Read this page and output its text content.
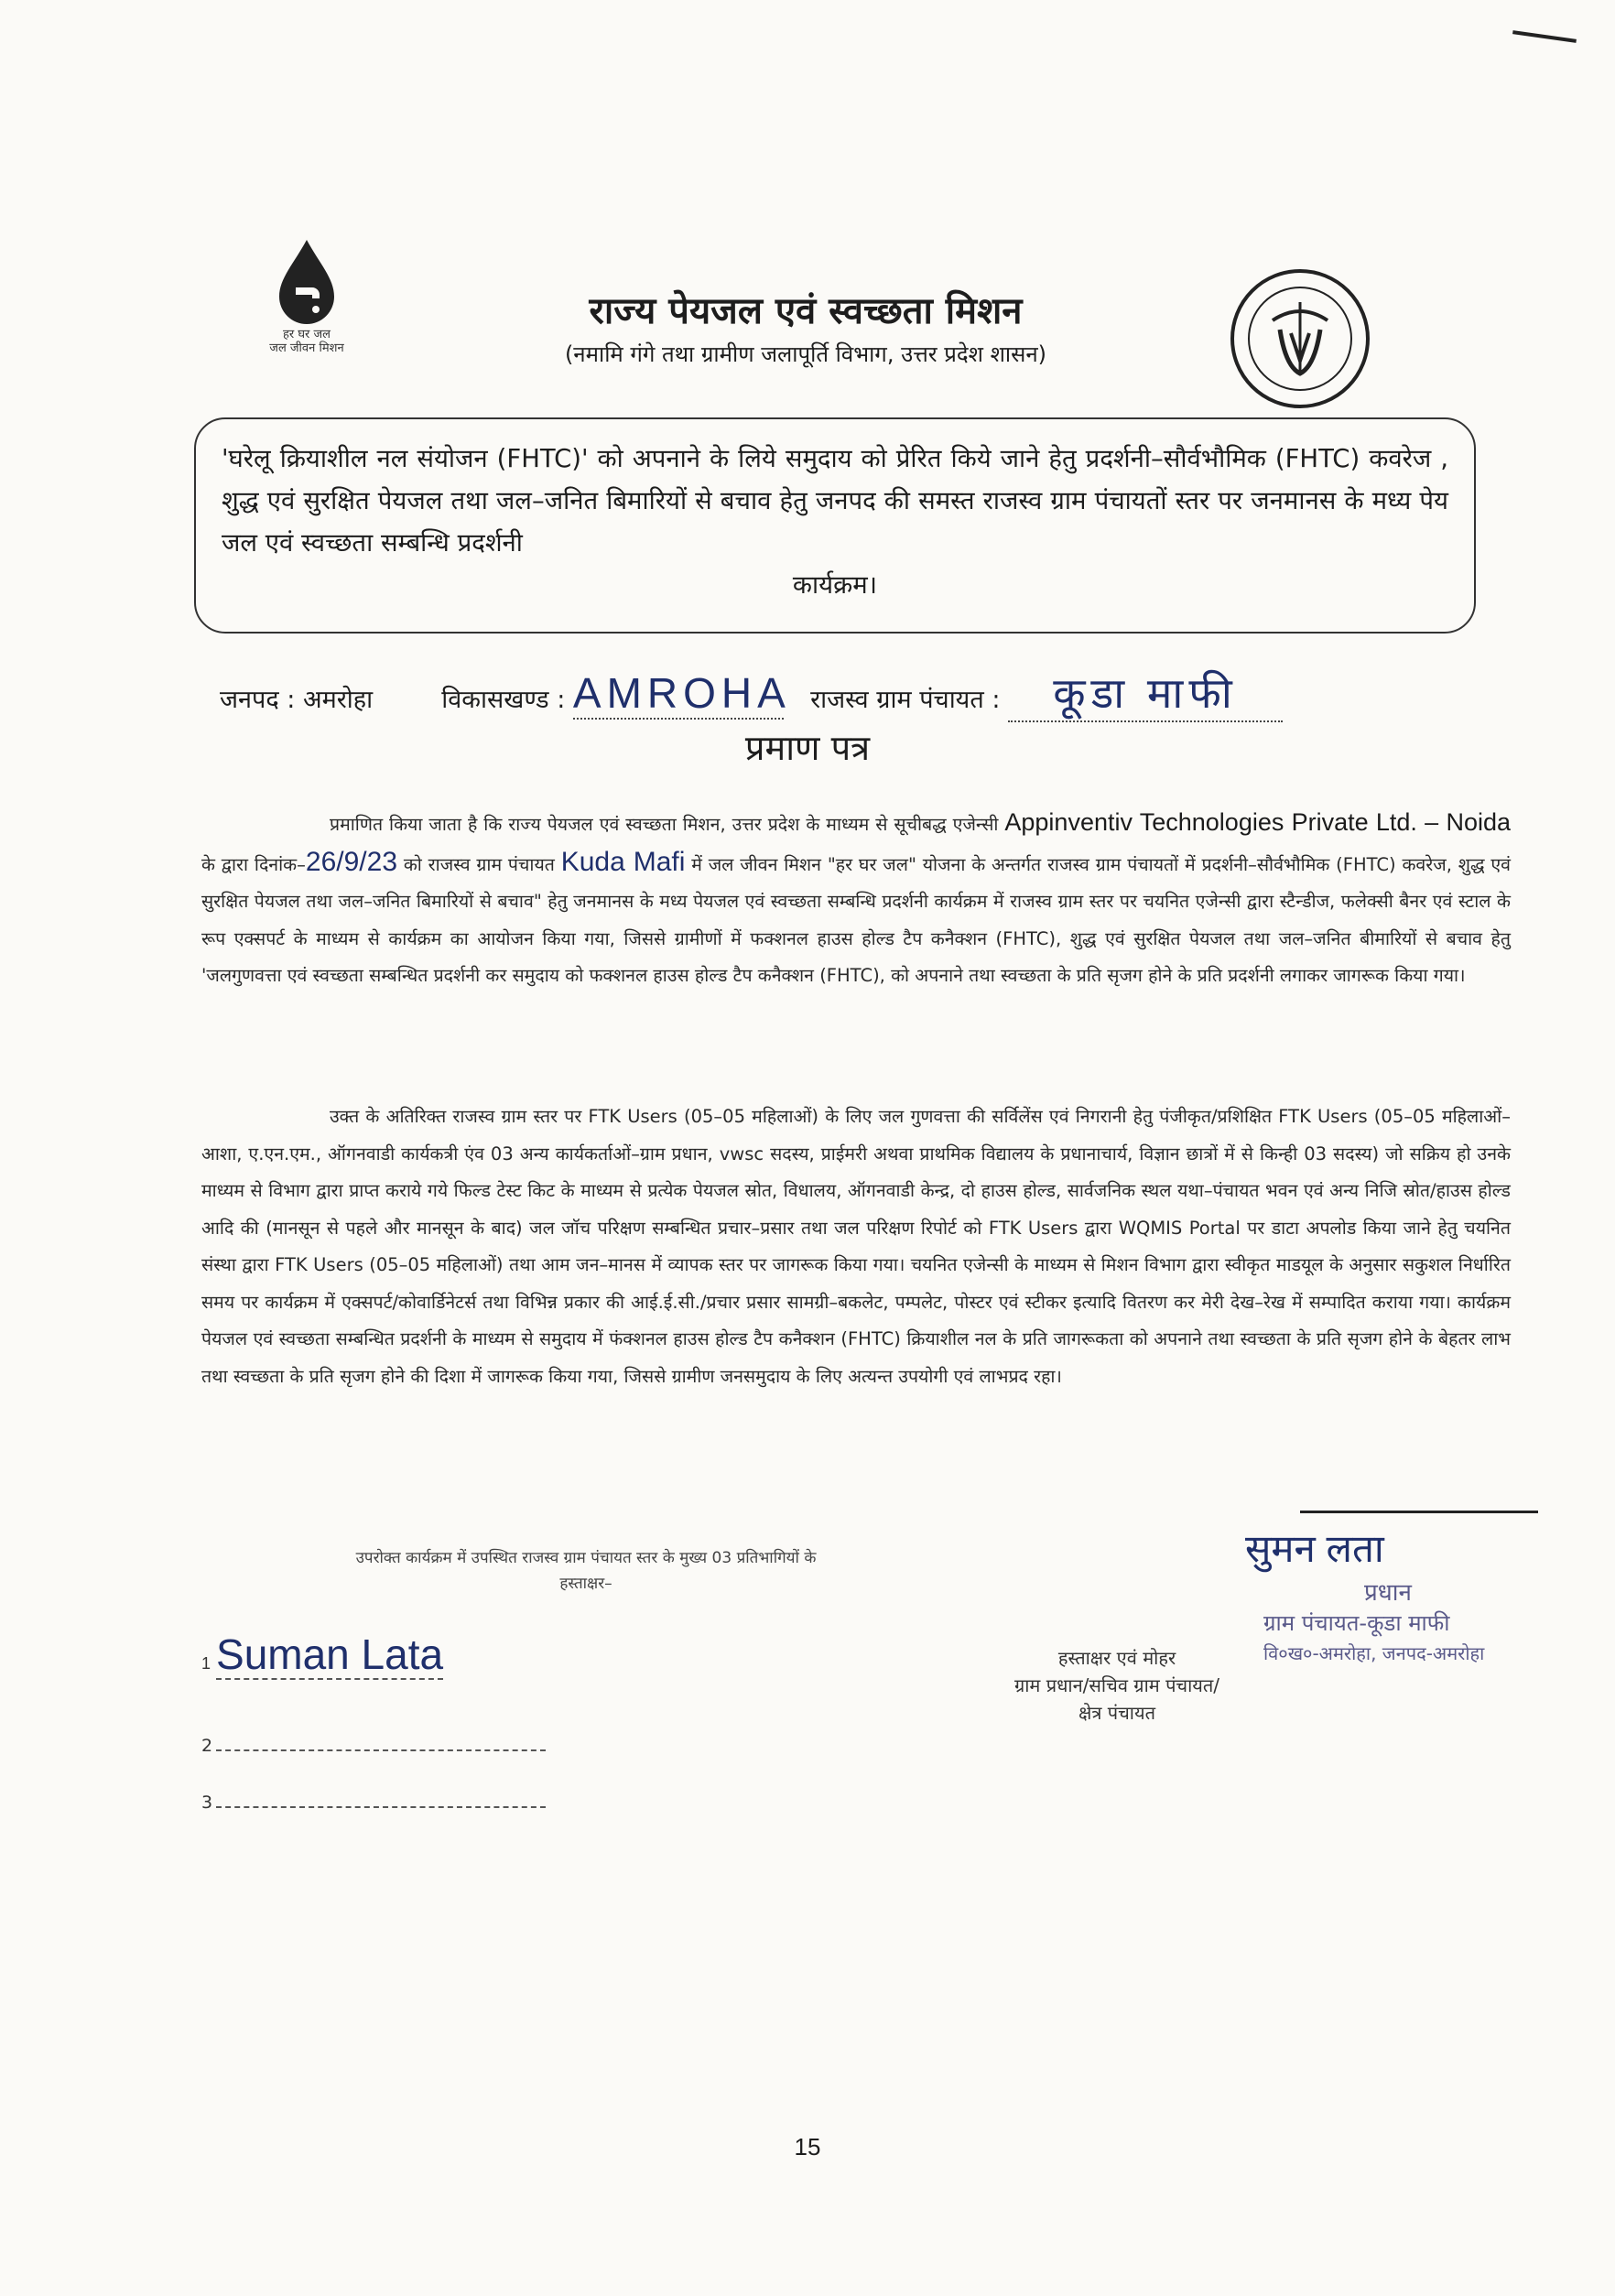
हर घर जल
जल जीवन मिशन
राज्य पेयजल एवं स्वच्छता मिशन
(नमामि गंगे तथा ग्रामीण जलापूर्ति विभाग, उत्तर प्रदेश शासन)
'घरेलू क्रियाशील नल संयोजन (FHTC)' को अपनाने के लिये समुदाय को प्रेरित किये जाने हेतु प्रदर्शनी–सौर्वभौमिक (FHTC) कवरेज , शुद्ध एवं सुरक्षित पेयजल तथा जल–जनित बिमारियों से बचाव हेतु जनपद की समस्त राजस्व ग्राम पंचायतों स्तर पर जनमानस के मध्य पेय जल एवं स्वच्छता सम्बन्धि प्रदर्शनी
कार्यक्रम।
जनपद : अमरोहा	विकासखण्ड : AMROHA राजस्व ग्राम पंचायत : कूडा माफी
प्रमाण पत्र
प्रमाणित किया जाता है कि राज्य पेयजल एवं स्वच्छता मिशन, उत्तर प्रदेश के माध्यम से सूचीबद्ध एजेन्सी Appinventiv Technologies Private Ltd. – Noida के द्वारा दिनांक–26/9/23 को राजस्व ग्राम पंचायत Kuda Mafi में जल जीवन मिशन "हर घर जल" योजना के अन्तर्गत राजस्व ग्राम पंचायतों में प्रदर्शनी–सौर्वभौमिक (FHTC) कवरेज, शुद्ध एवं सुरक्षित पेयजल तथा जल–जनित बिमारियों से बचाव" हेतु जनमानस के मध्य पेयजल एवं स्वच्छता सम्बन्धि प्रदर्शनी कार्यक्रम में राजस्व ग्राम स्तर पर चयनित एजेन्सी द्वारा स्टैन्डीज, फलेक्सी बैनर एवं स्टाल के रूप एक्सपर्ट के माध्यम से कार्यक्रम का आयोजन किया गया, जिससे ग्रामीणों में फक्शनल हाउस होल्ड टैप कनैक्शन (FHTC), शुद्ध एवं सुरक्षित पेयजल तथा जल–जनित बीमारियों से बचाव हेतु 'जलगुणवत्ता एवं स्वच्छता सम्बन्धित प्रदर्शनी कर समुदाय को फक्शनल हाउस होल्ड टैप कनैक्शन (FHTC), को अपनाने तथा स्वच्छता के प्रति सृजग होने के प्रति प्रदर्शनी लगाकर जागरूक किया गया।
उक्त के अतिरिक्त राजस्व ग्राम स्तर पर FTK Users (05–05 महिलाओं) के लिए जल गुणवत्ता की सर्विलेंस एवं निगरानी हेतु पंजीकृत/प्रशिक्षित FTK Users (05–05 महिलाओं–आशा, ए.एन.एम., ऑगनवाडी कार्यकत्री एंव 03 अन्य कार्यकर्ताओं–ग्राम प्रधान, vwsc सदस्य, प्राईमरी अथवा प्राथमिक विद्यालय के प्रधानाचार्य, विज्ञान छात्रों में से किन्ही 03 सदस्य) जो सक्रिय हो उनके माध्यम से विभाग द्वारा प्राप्त कराये गये फिल्ड टेस्ट किट के माध्यम से प्रत्येक पेयजल स्रोत, विधालय, ऑगनवाडी केन्द्र, दो हाउस होल्ड, सार्वजनिक स्थल यथा–पंचायत भवन एवं अन्य निजि स्रोत/हाउस होल्ड आदि की (मानसून से पहले और मानसून के बाद) जल जॉच परिक्षण सम्बन्धित प्रचार–प्रसार तथा जल परिक्षण रिपोर्ट को FTK Users द्वारा WQMIS Portal पर डाटा अपलोड किया जाने हेतु चयनित संस्था द्वारा FTK Users (05–05 महिलाओं) तथा आम जन–मानस में व्यापक स्तर पर जागरूक किया गया। चयनित एजेन्सी के माध्यम से मिशन विभाग द्वारा स्वीकृत माडयूल के अनुसार सकुशल निर्धारित समय पर कार्यक्रम में एक्सपर्ट/कोवार्डिनेटर्स तथा विभिन्न प्रकार की आई.ई.सी./प्रचार प्रसार सामग्री–बकलेट, पम्पलेट, पोस्टर एवं स्टीकर इत्यादि वितरण कर मेरी देख–रेख में सम्पादित कराया गया। कार्यक्रम पेयजल एवं स्वच्छता सम्बन्धित प्रदर्शनी के माध्यम से समुदाय में फंक्शनल हाउस होल्ड टैप कनैक्शन (FHTC) क्रियाशील नल के प्रति जागरूकता को अपनाने तथा स्वच्छता के प्रति सृजग होने के बेहतर लाभ तथा स्वच्छता के प्रति सृजग होने की दिशा में जागरूक किया गया, जिससे ग्रामीण जनसमुदाय के लिए अत्यन्त उपयोगी एवं लाभप्रद रहा।
उपरोक्त कार्यक्रम में उपस्थित राजस्व ग्राम पंचायत स्तर के मुख्य 03 प्रतिभागियों के
हस्ताक्षर–
1 Suman Lata
2
3
हस्ताक्षर एवं मोहर
ग्राम प्रधान/सचिव ग्राम पंचायत/
क्षेत्र पंचायत
सुमन लता
प्रधान
ग्राम पंचायत-कूडा माफी
वि०ख०-अमरोहा, जनपद-अमरोहा
15
